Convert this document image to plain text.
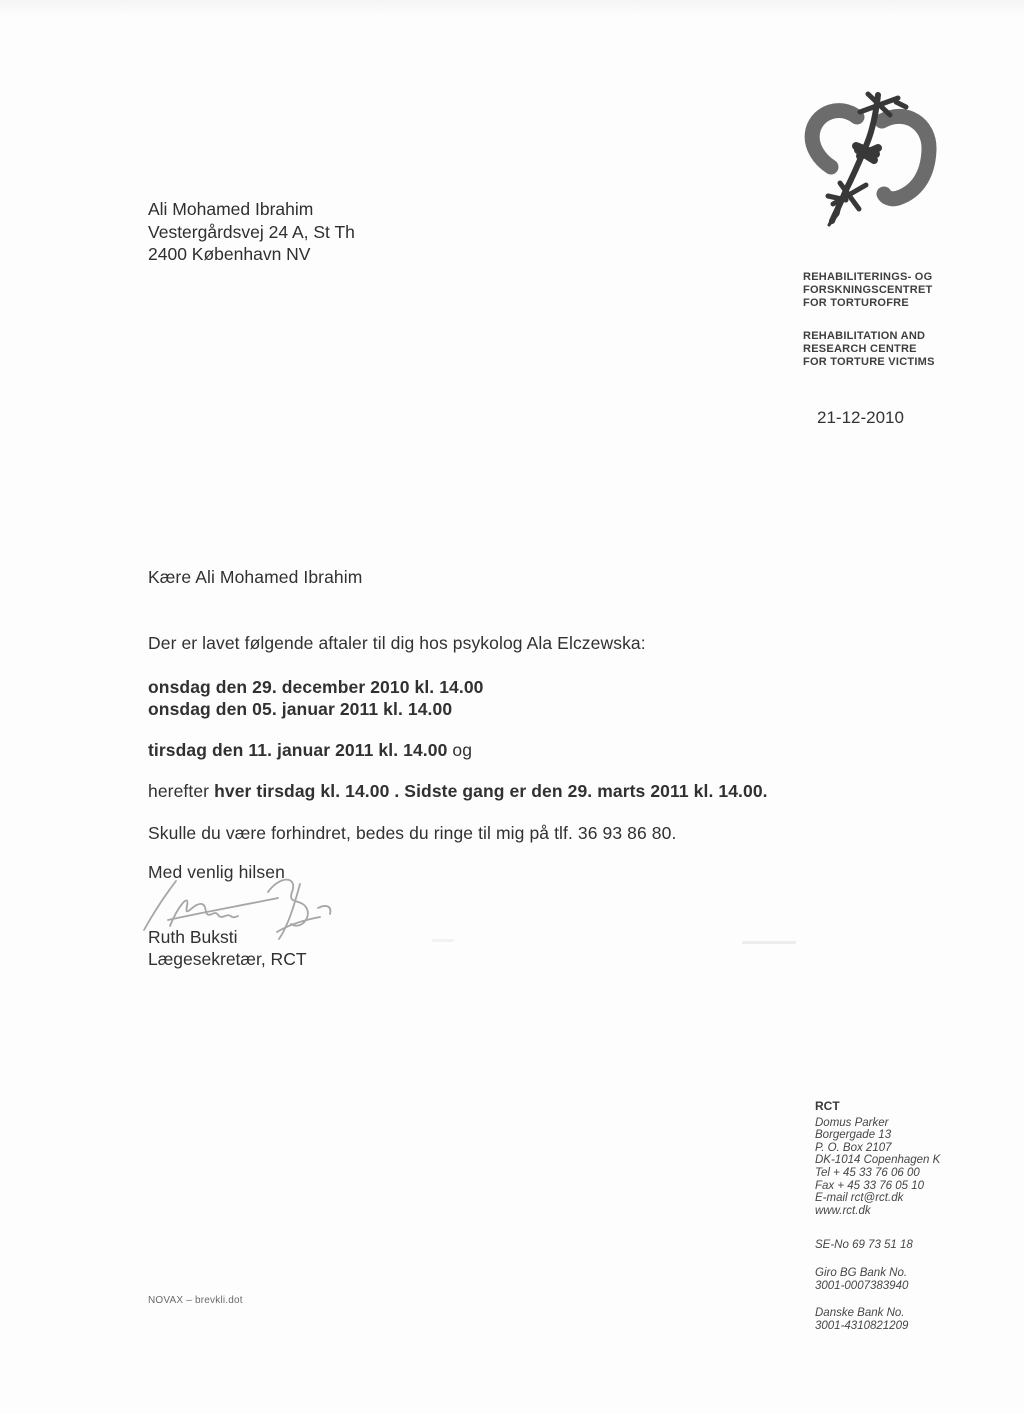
Ali Mohamed Ibrahim
Vestergårdsvej 24 A, St Th
2400 København NV
REHABILITERINGS- OG
FORSKNINGSCENTRET
FOR TORTUROFRE
REHABILITATION AND
RESEARCH CENTRE
FOR TORTURE VICTIMS
21-12-2010
Kære Ali Mohamed Ibrahim
Der er lavet følgende aftaler til dig hos psykolog Ala Elczewska:
onsdag den 29. december 2010 kl. 14.00
onsdag den 05. januar 2011 kl. 14.00
tirsdag den 11. januar 2011 kl. 14.00 og
herefter hver tirsdag kl. 14.00 . Sidste gang er den 29. marts 2011 kl. 14.00.
Skulle du være forhindret, bedes du ringe til mig på tlf. 36 93 86 80.
Med venlig hilsen
Ruth Buksti
Lægesekretær, RCT
RCT
Domus Parker
Borgergade 13
P. O. Box 2107
DK-1014 Copenhagen K
Tel + 45 33 76 06 00
Fax + 45 33 76 05 10
E-mail rct@rct.dk
www.rct.dk
SE-No 69 73 51 18
Giro BG Bank No.
3001-0007383940
Danske Bank No.
3001-4310821209
NOVAX – brevkli.dot
